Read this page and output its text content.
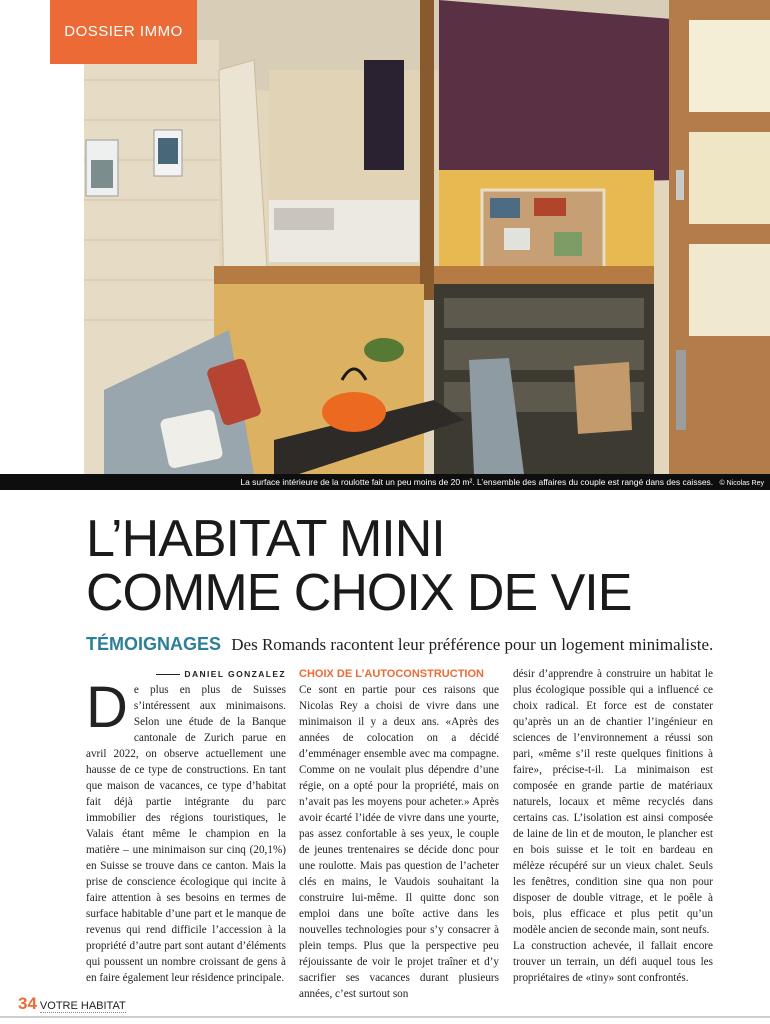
DOSSIER IMMO
La surface intérieure de la roulotte fait un peu moins de 20 m². L’ensemble des affaires du couple est rangé dans des caisses. © Nicolas Rey
L’HABITAT MINI
COMME CHOIX DE VIE
TÉMOIGNAGES Des Romands racontent leur préférence pour un logement minimaliste.

DANIEL GONZALEZ

De plus en plus de Suisses s’intéressent aux minimaisons. Selon une étude de la Banque cantonale de Zurich parue en avril 2022, on observe actuellement une hausse de ce type de constructions. En tant que maison de vacances, ce type d’habitat fait déjà partie intégrante du parc immobilier des régions touristiques, le Valais étant même le champion en la matière – une minimaison sur cinq (20,1%) en Suisse se trouve dans ce canton. Mais la prise de conscience écologique qui incite à faire attention à ses besoins en termes de surface habitable d’une part et le manque de revenus qui rend difficile l’accession à la propriété d’autre part sont autant d’éléments qui poussent un nombre croissant de gens à en faire également leur résidence principale.

CHOIX DE L’AUTOCONSTRUCTION

Ce sont en partie pour ces raisons que Nicolas Rey a choisi de vivre dans une minimaison il y a deux ans. «Après des années de colocation on a décidé d’emménager ensemble avec ma compagne. Comme on ne voulait plus dépendre d’une régie, on a opté pour la propriété, mais on n’avait pas les moyens pour acheter.» Après avoir écarté l’idée de vivre dans une yourte, pas assez confortable à ses yeux, le couple de jeunes trentenaires se décide donc pour une roulotte. Mais pas question de l’acheter clés en mains, le Vaudois souhaitant la construire lui-même. Il quitte donc son emploi dans une boîte active dans les nouvelles technologies pour s’y consacrer à plein temps. Plus que la perspective peu réjouissante de voir le projet traîner et d’y sacrifier ses vacances durant plusieurs années, c’est surtout son

désir d’apprendre à construire un habitat le plus écologique possible qui a influencé ce choix radical. Et force est de constater qu’après un an de chantier l’ingénieur en sciences de l’environnement a réussi son pari, «même s’il reste quelques finitions à faire», précise-t-il. La minimaison est composée en grande partie de matériaux naturels, locaux et même recyclés dans certains cas. L’isolation est ainsi composée de laine de lin et de mouton, le plancher est en bois suisse et le toit en bardeau en mélèze récupéré sur un vieux chalet. Seuls les fenêtres, condition sine qua non pour disposer de double vitrage, et le poêle à bois, plus efficace et plus petit qu’un modèle ancien de seconde main, sont neufs.

La construction achevée, il fallait encore trouver un terrain, un défi auquel tous les propriétaires de «tiny» sont confrontés.

34 VOTRE HABITAT
